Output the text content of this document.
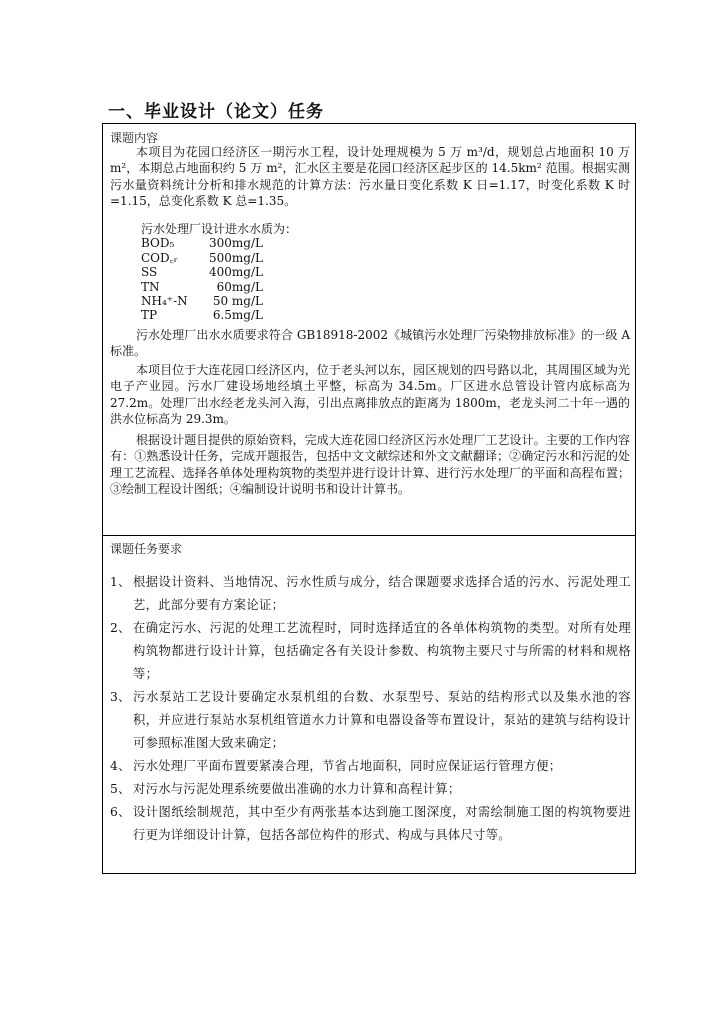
一、毕业设计（论文）任务
课题内容

本项目为花园口经济区一期污水工程，设计处理规模为 5 万 m³/d，规划总占地面积 10 万 m²，本期总占地面积约 5 万 m²，汇水区主要是花园口经济区起步区的 14.5km² 范围。根据实测污水量资料统计分析和排水规范的计算方法：污水量日变化系数 K 日=1.17，时变化系数 K 时=1.15，总变化系数 K 总=1.35。

污水处理厂设计进水水质为：
BOD₅	300mg/L
COD꜀ᵣ	500mg/L
SS	400mg/L
TN	60mg/L
NH₄⁺-N	50 mg/L
TP	6.5mg/L

污水处理厂出水水质要求符合 GB18918-2002《城镇污水处理厂污染物排放标准》的一级 A 标准。

本项目位于大连花园口经济区内，位于老头河以东，园区规划的四号路以北，其周围区域为光电子产业园。污水厂建设场地经填土平整，标高为 34.5m。厂区进水总管设计管内底标高为 27.2m。处理厂出水经老龙头河入海，引出点离排放点的距离为 1800m，老龙头河二十年一遇的洪水位标高为 29.3m。

根据设计题目提供的原始资料，完成大连花园口经济区污水处理厂工艺设计。主要的工作内容有：①熟悉设计任务，完成开题报告，包括中文文献综述和外文文献翻译；②确定污水和污泥的处理工艺流程、选择各单体处理构筑物的类型并进行设计计算、进行污水处理厂的平面和高程布置；③绘制工程设计图纸；④编制设计说明书和设计计算书。

课题任务要求
1、 根据设计资料、当地情况、污水性质与成分，结合课题要求选择合适的污水、污泥处理工艺，此部分要有方案论证；
2、 在确定污水、污泥的处理工艺流程时，同时选择适宜的各单体构筑物的类型。对所有处理构筑物都进行设计计算，包括确定各有关设计参数、构筑物主要尺寸与所需的材料和规格等；
3、 污水泵站工艺设计要确定水泵机组的台数、水泵型号、泵站的结构形式以及集水池的容积，并应进行泵站水泵机组管道水力计算和电器设备等布置设计，泵站的建筑与结构设计可参照标准图大致来确定；
4、 污水处理厂平面布置要紧凑合理，节省占地面积，同时应保证运行管理方便；
5、 对污水与污泥处理系统要做出准确的水力计算和高程计算；
6、 设计图纸绘制规范，其中至少有两张基本达到施工图深度，对需绘制施工图的构筑物要进行更为详细设计计算，包括各部位构件的形式、构成与具体尺寸等。
